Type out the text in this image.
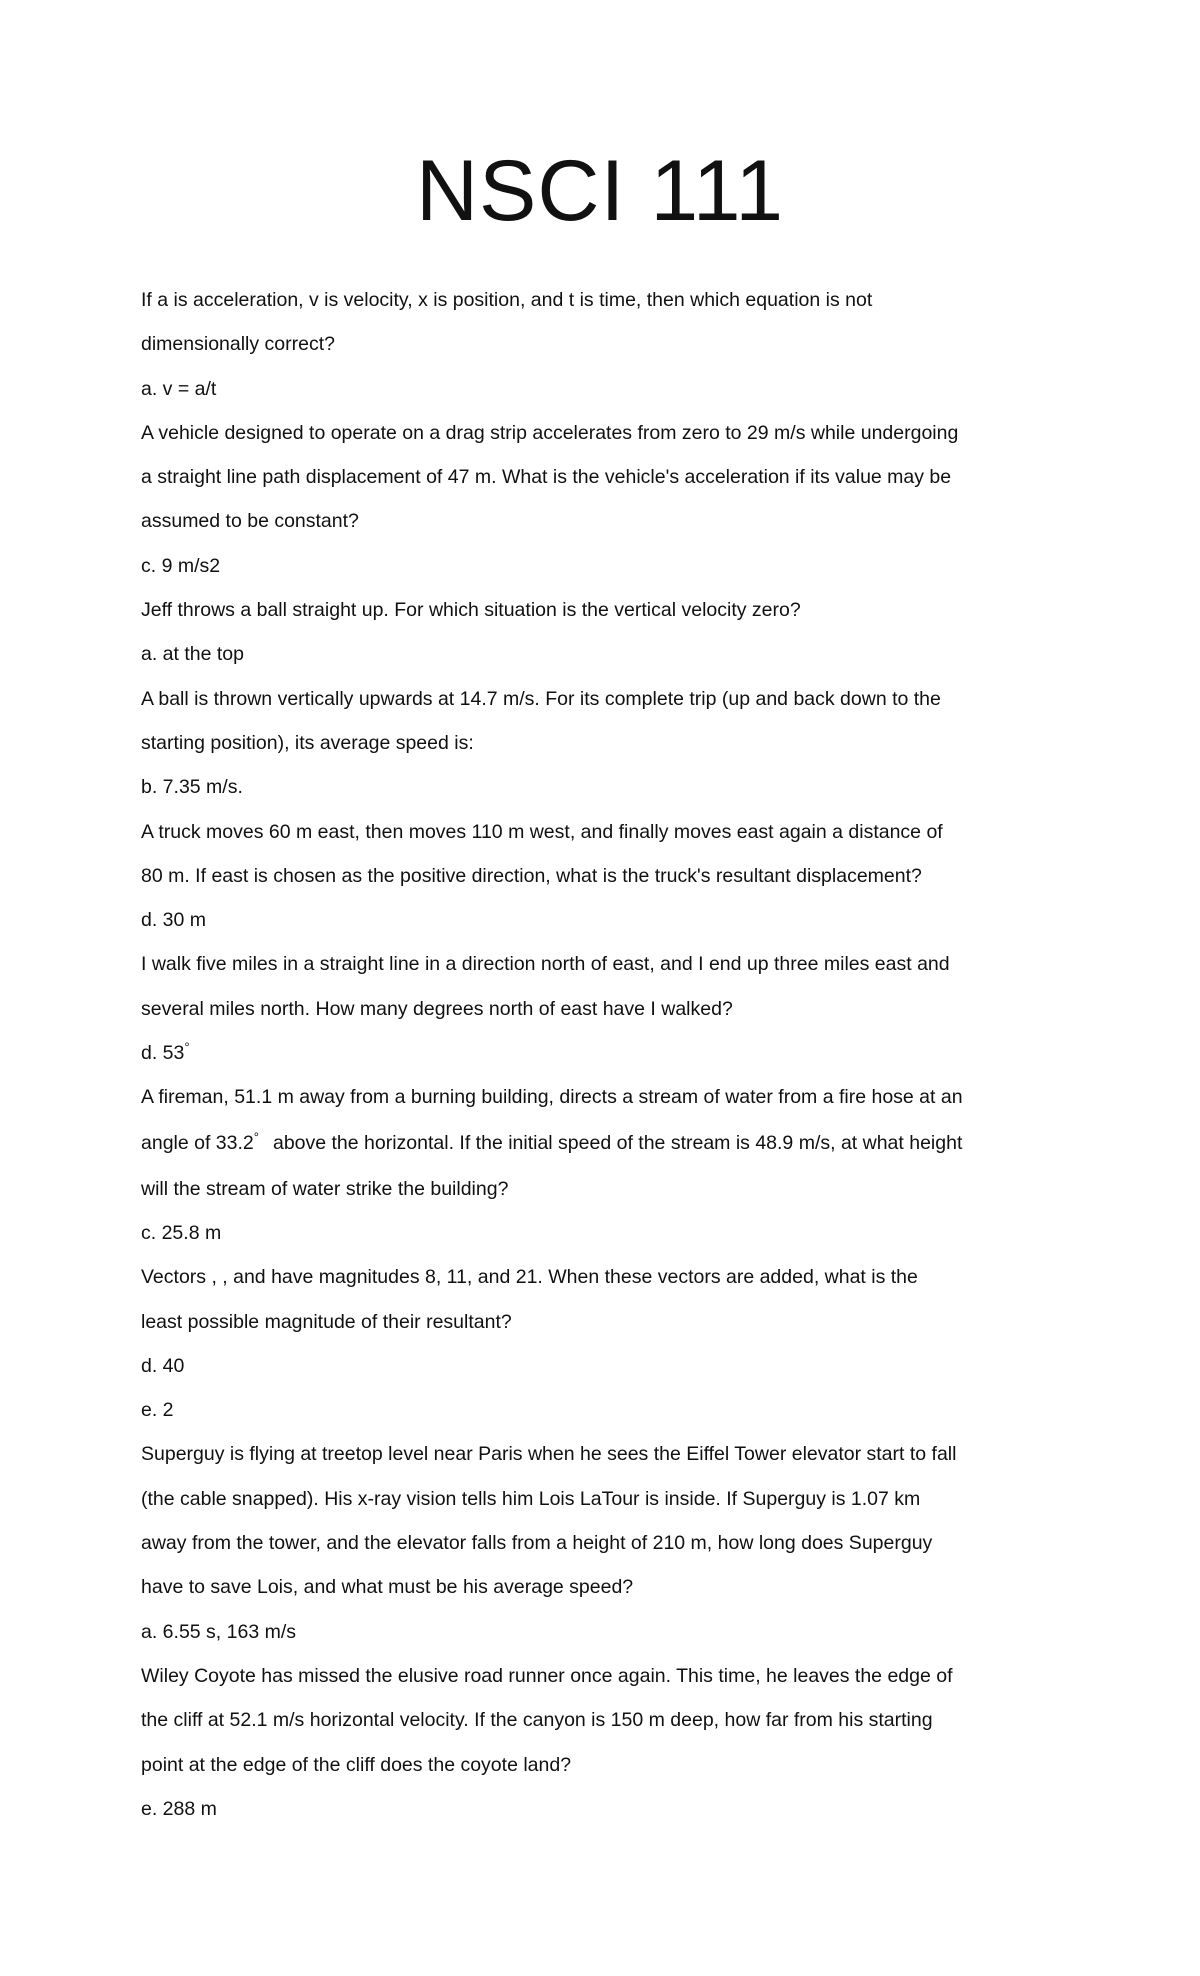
NSCI 111
If a is acceleration, v is velocity, x is position, and t is time, then which equation is not
dimensionally correct?
a. v = a/t
A vehicle designed to operate on a drag strip accelerates from zero to 29 m/s while undergoing
a straight line path displacement of 47 m. What is the vehicle's acceleration if its value may be
assumed to be constant?
c. 9 m/s2
Jeff throws a ball straight up. For which situation is the vertical velocity zero?
a. at the top
A ball is thrown vertically upwards at 14.7 m/s. For its complete trip (up and back down to the
starting position), its average speed is:
b. 7.35 m/s.
A truck moves 60 m east, then moves 110 m west, and finally moves east again a distance of
80 m. If east is chosen as the positive direction, what is the truck's resultant displacement?
d. 30 m
I walk five miles in a straight line in a direction north of east, and I end up three miles east and
several miles north. How many degrees north of east have I walked?
d. 53°
A fireman, 51.1 m away from a burning building, directs a stream of water from a fire hose at an
angle of 33.2° above the horizontal. If the initial speed of the stream is 48.9 m/s, at what height
will the stream of water strike the building?
c. 25.8 m
Vectors , , and have magnitudes 8, 11, and 21. When these vectors are added, what is the
least possible magnitude of their resultant?
d. 40
e. 2
Superguy is flying at treetop level near Paris when he sees the Eiffel Tower elevator start to fall
(the cable snapped). His x-ray vision tells him Lois LaTour is inside. If Superguy is 1.07 km
away from the tower, and the elevator falls from a height of 210 m, how long does Superguy
have to save Lois, and what must be his average speed?
a. 6.55 s, 163 m/s
Wiley Coyote has missed the elusive road runner once again. This time, he leaves the edge of
the cliff at 52.1 m/s horizontal velocity. If the canyon is 150 m deep, how far from his starting
point at the edge of the cliff does the coyote land?
e. 288 m
